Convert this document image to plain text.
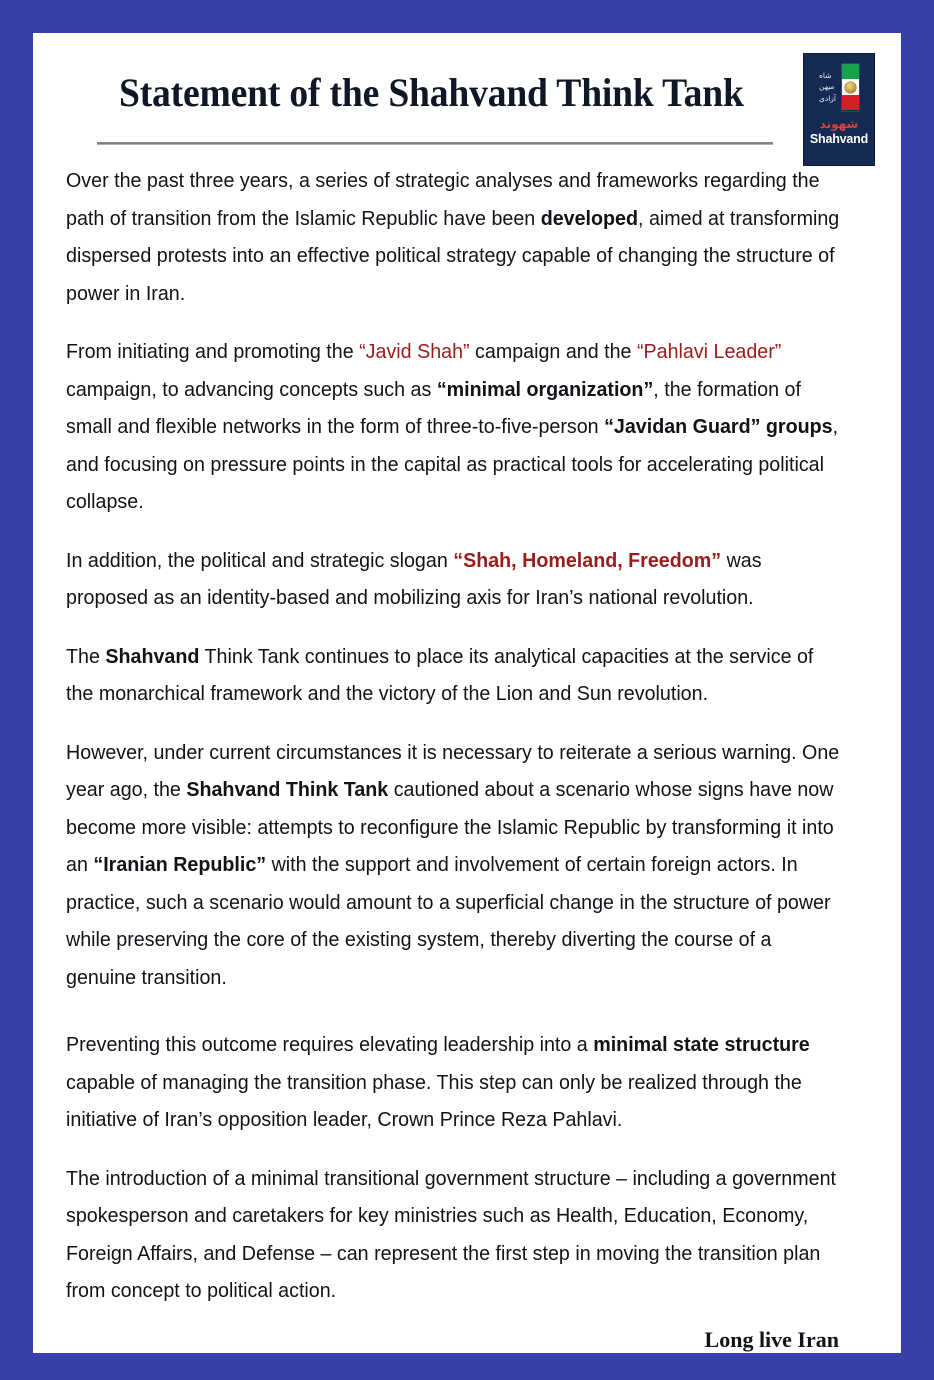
Statement of the Shahvand Think Tank	شاه
میهن
آزادی
شهوند
Shahvand

Over the past three years, a series of strategic analyses and frameworks regarding the path of transition from the Islamic Republic have been developed, aimed at transforming dispersed protests into an effective political strategy capable of changing the structure of power in Iran.

From initiating and promoting the “Javid Shah” campaign and the “Pahlavi Leader” campaign, to advancing concepts such as “minimal organization”, the formation of small and flexible networks in the form of three-to-five-person “Javidan Guard” groups, and focusing on pressure points in the capital as practical tools for accelerating political collapse.

In addition, the political and strategic slogan “Shah, Homeland, Freedom” was proposed as an identity-based and mobilizing axis for Iran’s national revolution.

The Shahvand Think Tank continues to place its analytical capacities at the service of the monarchical framework and the victory of the Lion and Sun revolution.

However, under current circumstances it is necessary to reiterate a serious warning. One year ago, the Shahvand Think Tank cautioned about a scenario whose signs have now become more visible: attempts to reconfigure the Islamic Republic by transforming it into an “Iranian Republic” with the support and involvement of certain foreign actors. In practice, such a scenario would amount to a superficial change in the structure of power while preserving the core of the existing system, thereby diverting the course of a genuine transition.

Preventing this outcome requires elevating leadership into a minimal state structure capable of managing the transition phase. This step can only be realized through the initiative of Iran’s opposition leader, Crown Prince Reza Pahlavi.

The introduction of a minimal transitional government structure – including a government spokesperson and caretakers for key ministries such as Health, Education, Economy, Foreign Affairs, and Defense – can represent the first step in moving the transition plan from concept to political action.

Long live Iran
